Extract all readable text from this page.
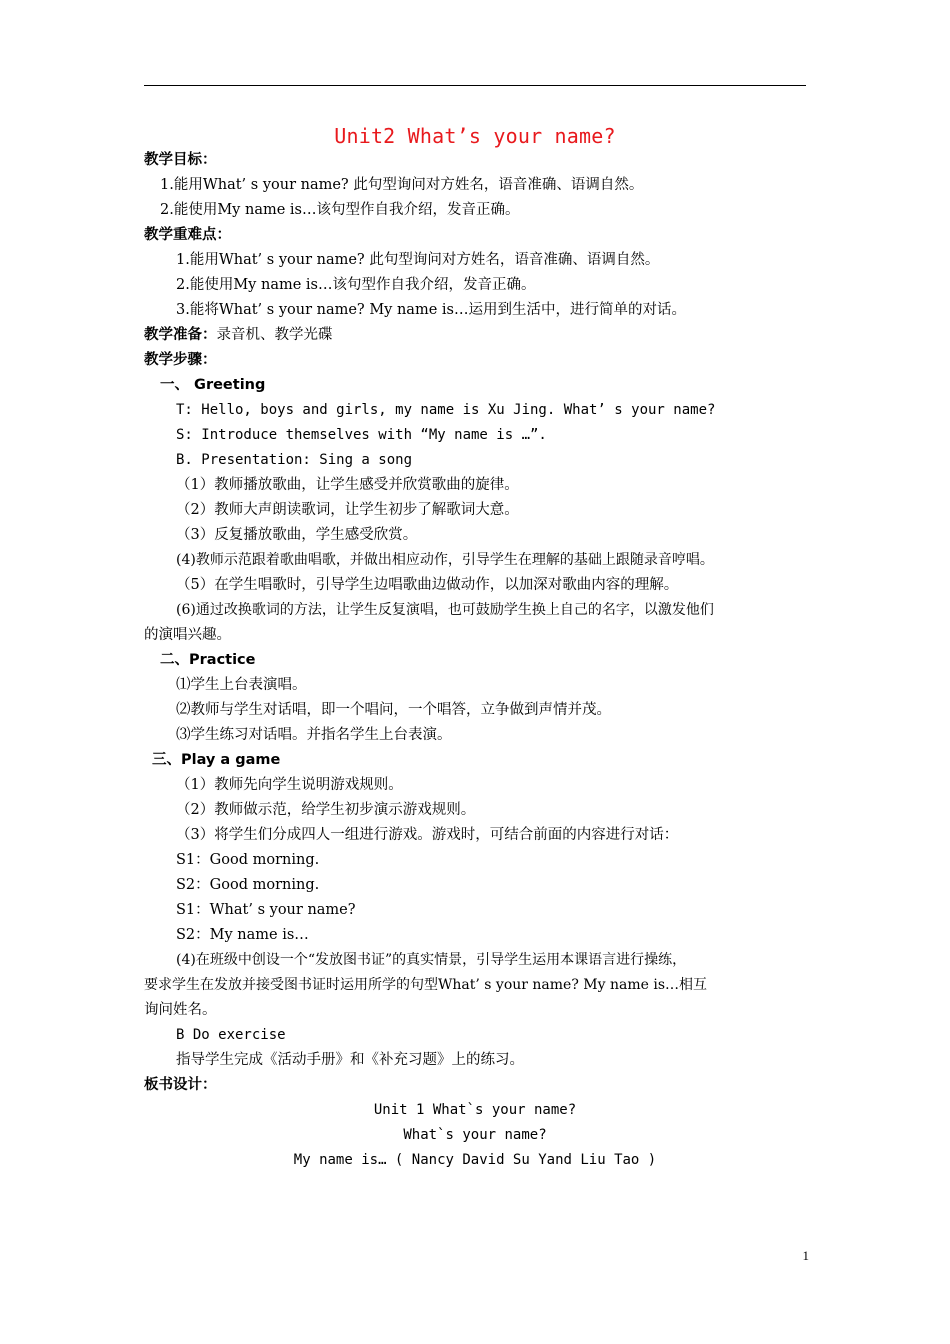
Unit2 What’s your name?
教学目标：
1.能用What’ s your name? 此句型询问对方姓名，语音准确、语调自然。
2.能使用My name is…该句型作自我介绍，发音正确。
教学重难点：
1.能用What’ s your name? 此句型询问对方姓名，语音准确、语调自然。
2.能使用My name is…该句型作自我介绍，发音正确。
3.能将What’ s your name? My name is…运用到生活中，进行简单的对话。
教学准备：录音机、教学光碟
教学步骤：
一、 Greeting
T: Hello, boys and girls, my name is Xu Jing. What’ s your name?
S: Introduce themselves with “My name is …”.
B. Presentation: Sing a song
（1）教师播放歌曲，让学生感受并欣赏歌曲的旋律。
（2）教师大声朗读歌词，让学生初步了解歌词大意。
（3）反复播放歌曲，学生感受欣赏。
(4)教师示范跟着歌曲唱歌，并做出相应动作，引导学生在理解的基础上跟随录音哼唱。
（5）在学生唱歌时，引导学生边唱歌曲边做动作，以加深对歌曲内容的理解。
(6)通过改换歌词的方法，让学生反复演唱，也可鼓励学生换上自己的名字，以激发他们
的演唱兴趣。
二、Practice
⑴学生上台表演唱。
⑵教师与学生对话唱，即一个唱问，一个唱答，立争做到声情并茂。
⑶学生练习对话唱。并指名学生上台表演。
三、Play a game
（1）教师先向学生说明游戏规则。
（2）教师做示范，给学生初步演示游戏规则。
（3）将学生们分成四人一组进行游戏。游戏时，可结合前面的内容进行对话：
S1：Good morning.
S2：Good morning.
S1：What’ s your name?
S2：My name is…
(4)在班级中创设一个“发放图书证”的真实情景，引导学生运用本课语言进行操练，
要求学生在发放并接受图书证时运用所学的句型What’ s your name? My name is…相互
询问姓名。
B Do exercise
指导学生完成《活动手册》和《补充习题》上的练习。
板书设计：
Unit 1 What`s your name?
What`s your name?
My name is… ( Nancy David Su Yand Liu Tao )
1
